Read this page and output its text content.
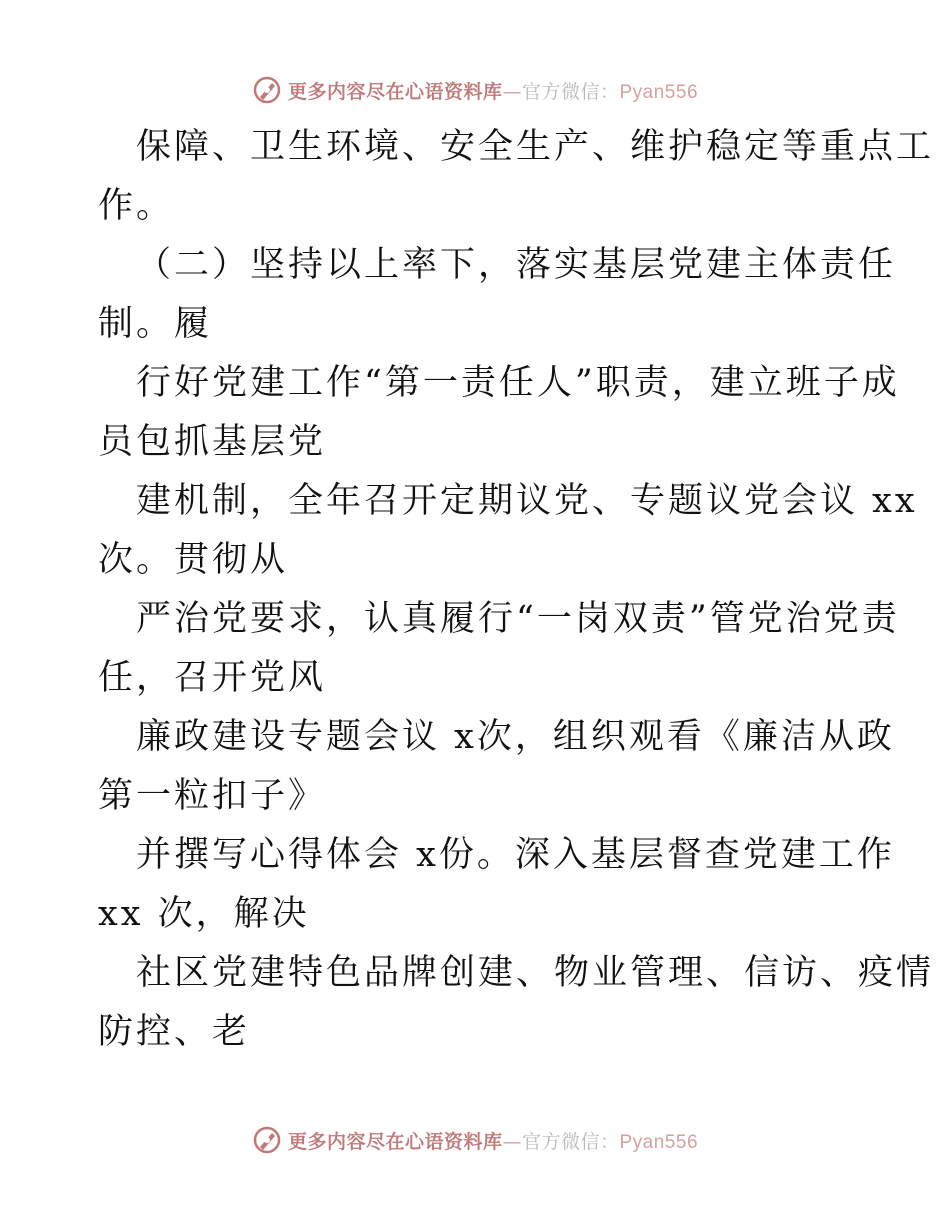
更多内容尽在心语资料库—官方微信：Pyan556
保障、卫生环境、安全生产、维护稳定等重点工
作。
（二）坚持以上率下，落实基层党建主体责任
制。履
行好党建工作“第一责任人”职责，建立班子成
员包抓基层党
建机制，全年召开定期议党、专题议党会议 xx
次。贯彻从
严治党要求，认真履行“一岗双责”管党治党责
任，召开党风
廉政建设专题会议 x次，组织观看《廉洁从政
第一粒扣子》
并撰写心得体会 x份。深入基层督查党建工作
xx 次，解决
社区党建特色品牌创建、物业管理、信访、疫情
防控、老
更多内容尽在心语资料库—官方微信：Pyan556
